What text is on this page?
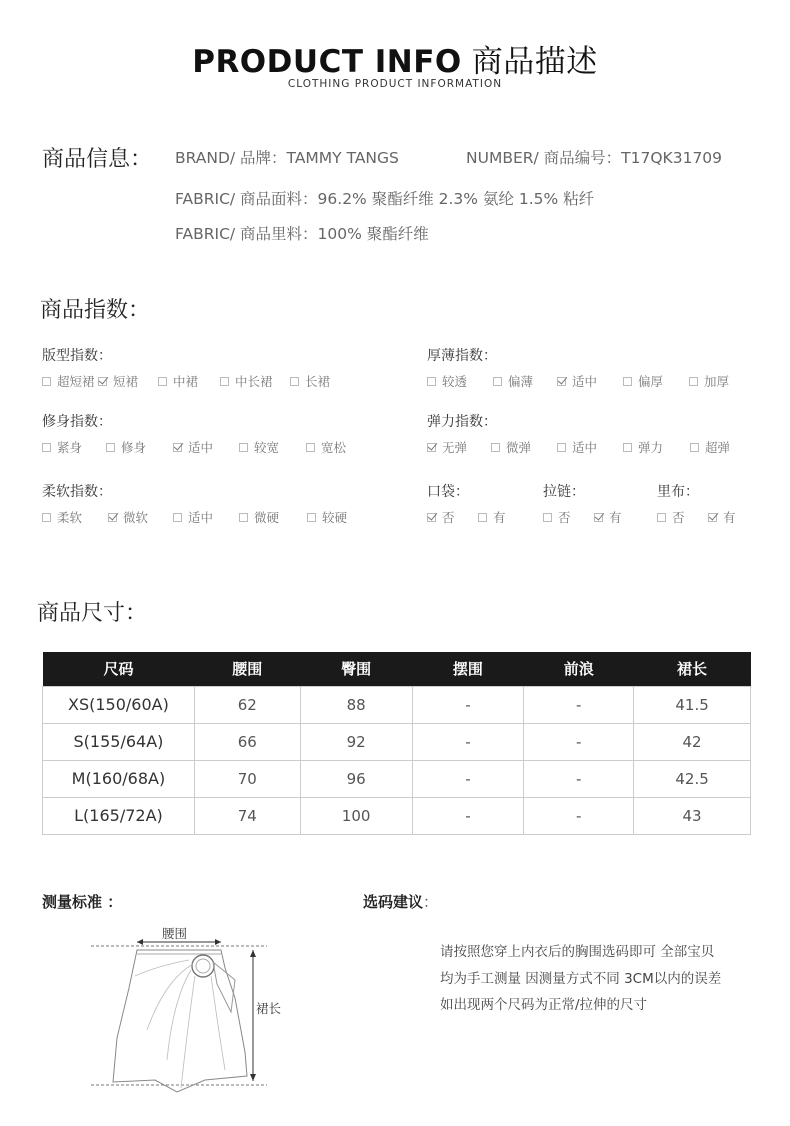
PRODUCT INFO 商品描述
CLOTHING PRODUCT INFORMATION
商品信息： BRAND/ 品牌：TAMMY TANGS	NUMBER/ 商品编号：T17QK31709
FABRIC/ 商品面料：96.2% 聚酯纤维 2.3% 氨纶 1.5% 粘纤
FABRIC/ 商品里料：100% 聚酯纤维
商品指数：
版型指数：
超短裙 短裙	中裙	中长裙	长裙
厚薄指数：
较透	偏薄	适中	偏厚	加厚
修身指数：
紧身	修身	适中	较宽	宽松
弹力指数：
无弹	微弹	适中	弹力	超弹
柔软指数：
柔软	微软	适中	微硬	较硬
口袋：
否	有
拉链：
否	有
里布：
否	有
商品尺寸：
尺码	腰围	臀围	摆围	前浪	裙长
XS(150/60A)	62	88	-	-	41.5
S(155/64A)	66	92	-	-	42
M(160/68A)	70	96	-	-	42.5
L(165/72A)	74	100	-	-	43
测量标准 ：
腰围
裙长
选码建议：
请按照您穿上内衣后的胸围选码即可 全部宝贝
均为手工测量 因测量方式不同 3CM以内的误差
如出现两个尺码为正常/拉伸的尺寸
